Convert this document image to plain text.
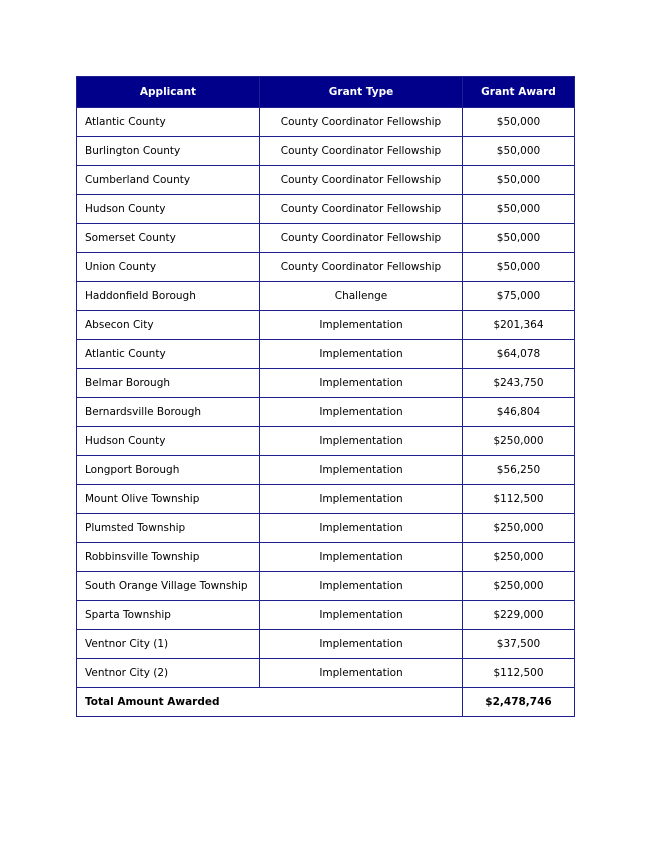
Applicant	Grant Type	Grant Award
Atlantic County	County Coordinator Fellowship	$50,000
Burlington County	County Coordinator Fellowship	$50,000
Cumberland County	County Coordinator Fellowship	$50,000
Hudson County	County Coordinator Fellowship	$50,000
Somerset County	County Coordinator Fellowship	$50,000
Union County	County Coordinator Fellowship	$50,000
Haddonfield Borough	Challenge	$75,000
Absecon City	Implementation	$201,364
Atlantic County	Implementation	$64,078
Belmar Borough	Implementation	$243,750
Bernardsville Borough	Implementation	$46,804
Hudson County	Implementation	$250,000
Longport Borough	Implementation	$56,250
Mount Olive Township	Implementation	$112,500
Plumsted Township	Implementation	$250,000
Robbinsville Township	Implementation	$250,000
South Orange Village Township	Implementation	$250,000
Sparta Township	Implementation	$229,000
Ventnor City (1)	Implementation	$37,500
Ventnor City (2)	Implementation	$112,500
Total Amount Awarded		$2,478,746
